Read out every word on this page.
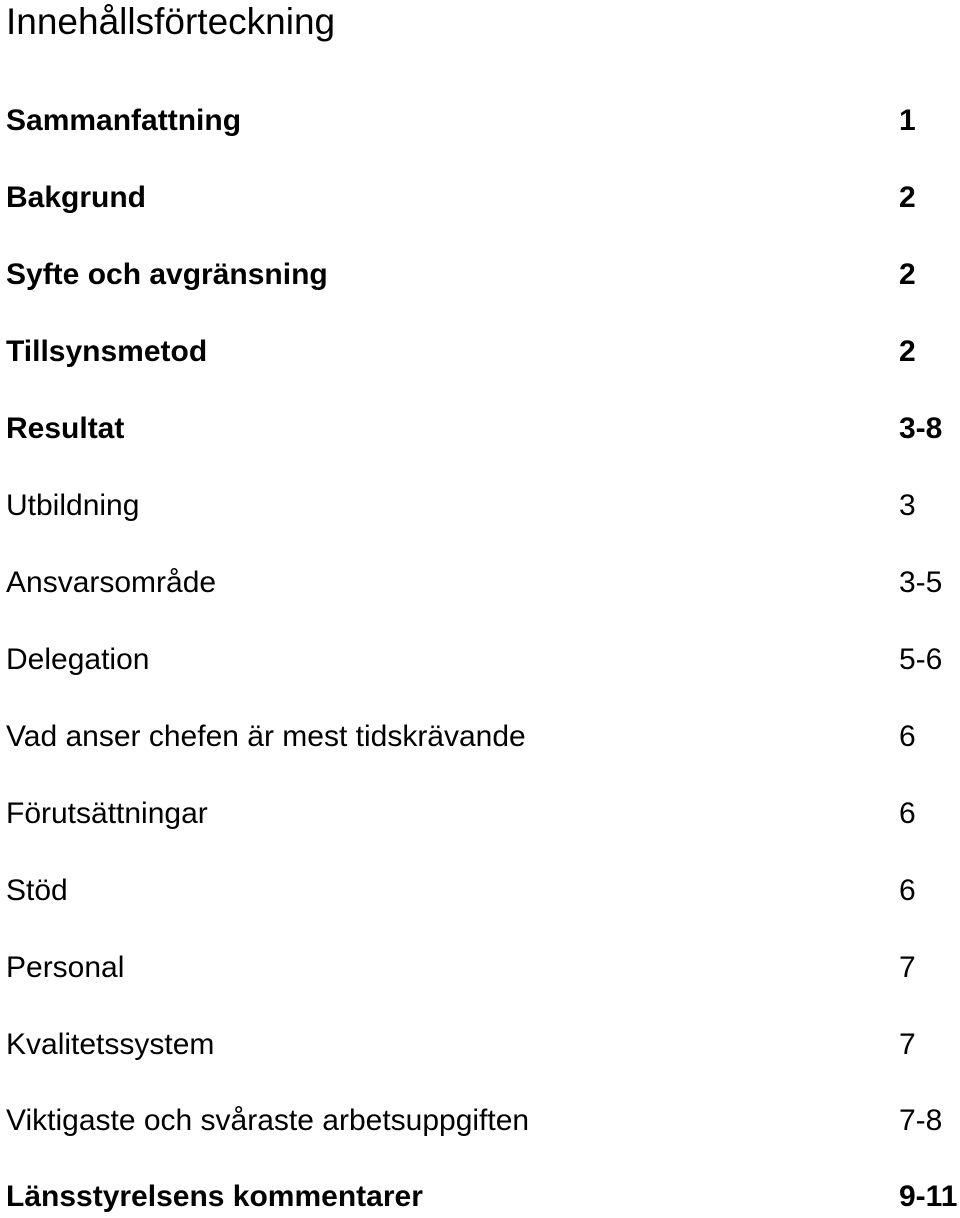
Innehållsförteckning
Sammanfattning	1
Bakgrund	2
Syfte och avgränsning	2
Tillsynsmetod	2
Resultat	3-8
Utbildning	3
Ansvarsområde	3-5
Delegation	5-6
Vad anser chefen är mest tidskrävande	6
Förutsättningar	6
Stöd	6
Personal	7
Kvalitetssystem	7
Viktigaste och svåraste arbetsuppgiften	7-8
Länsstyrelsens kommentarer	9-11
